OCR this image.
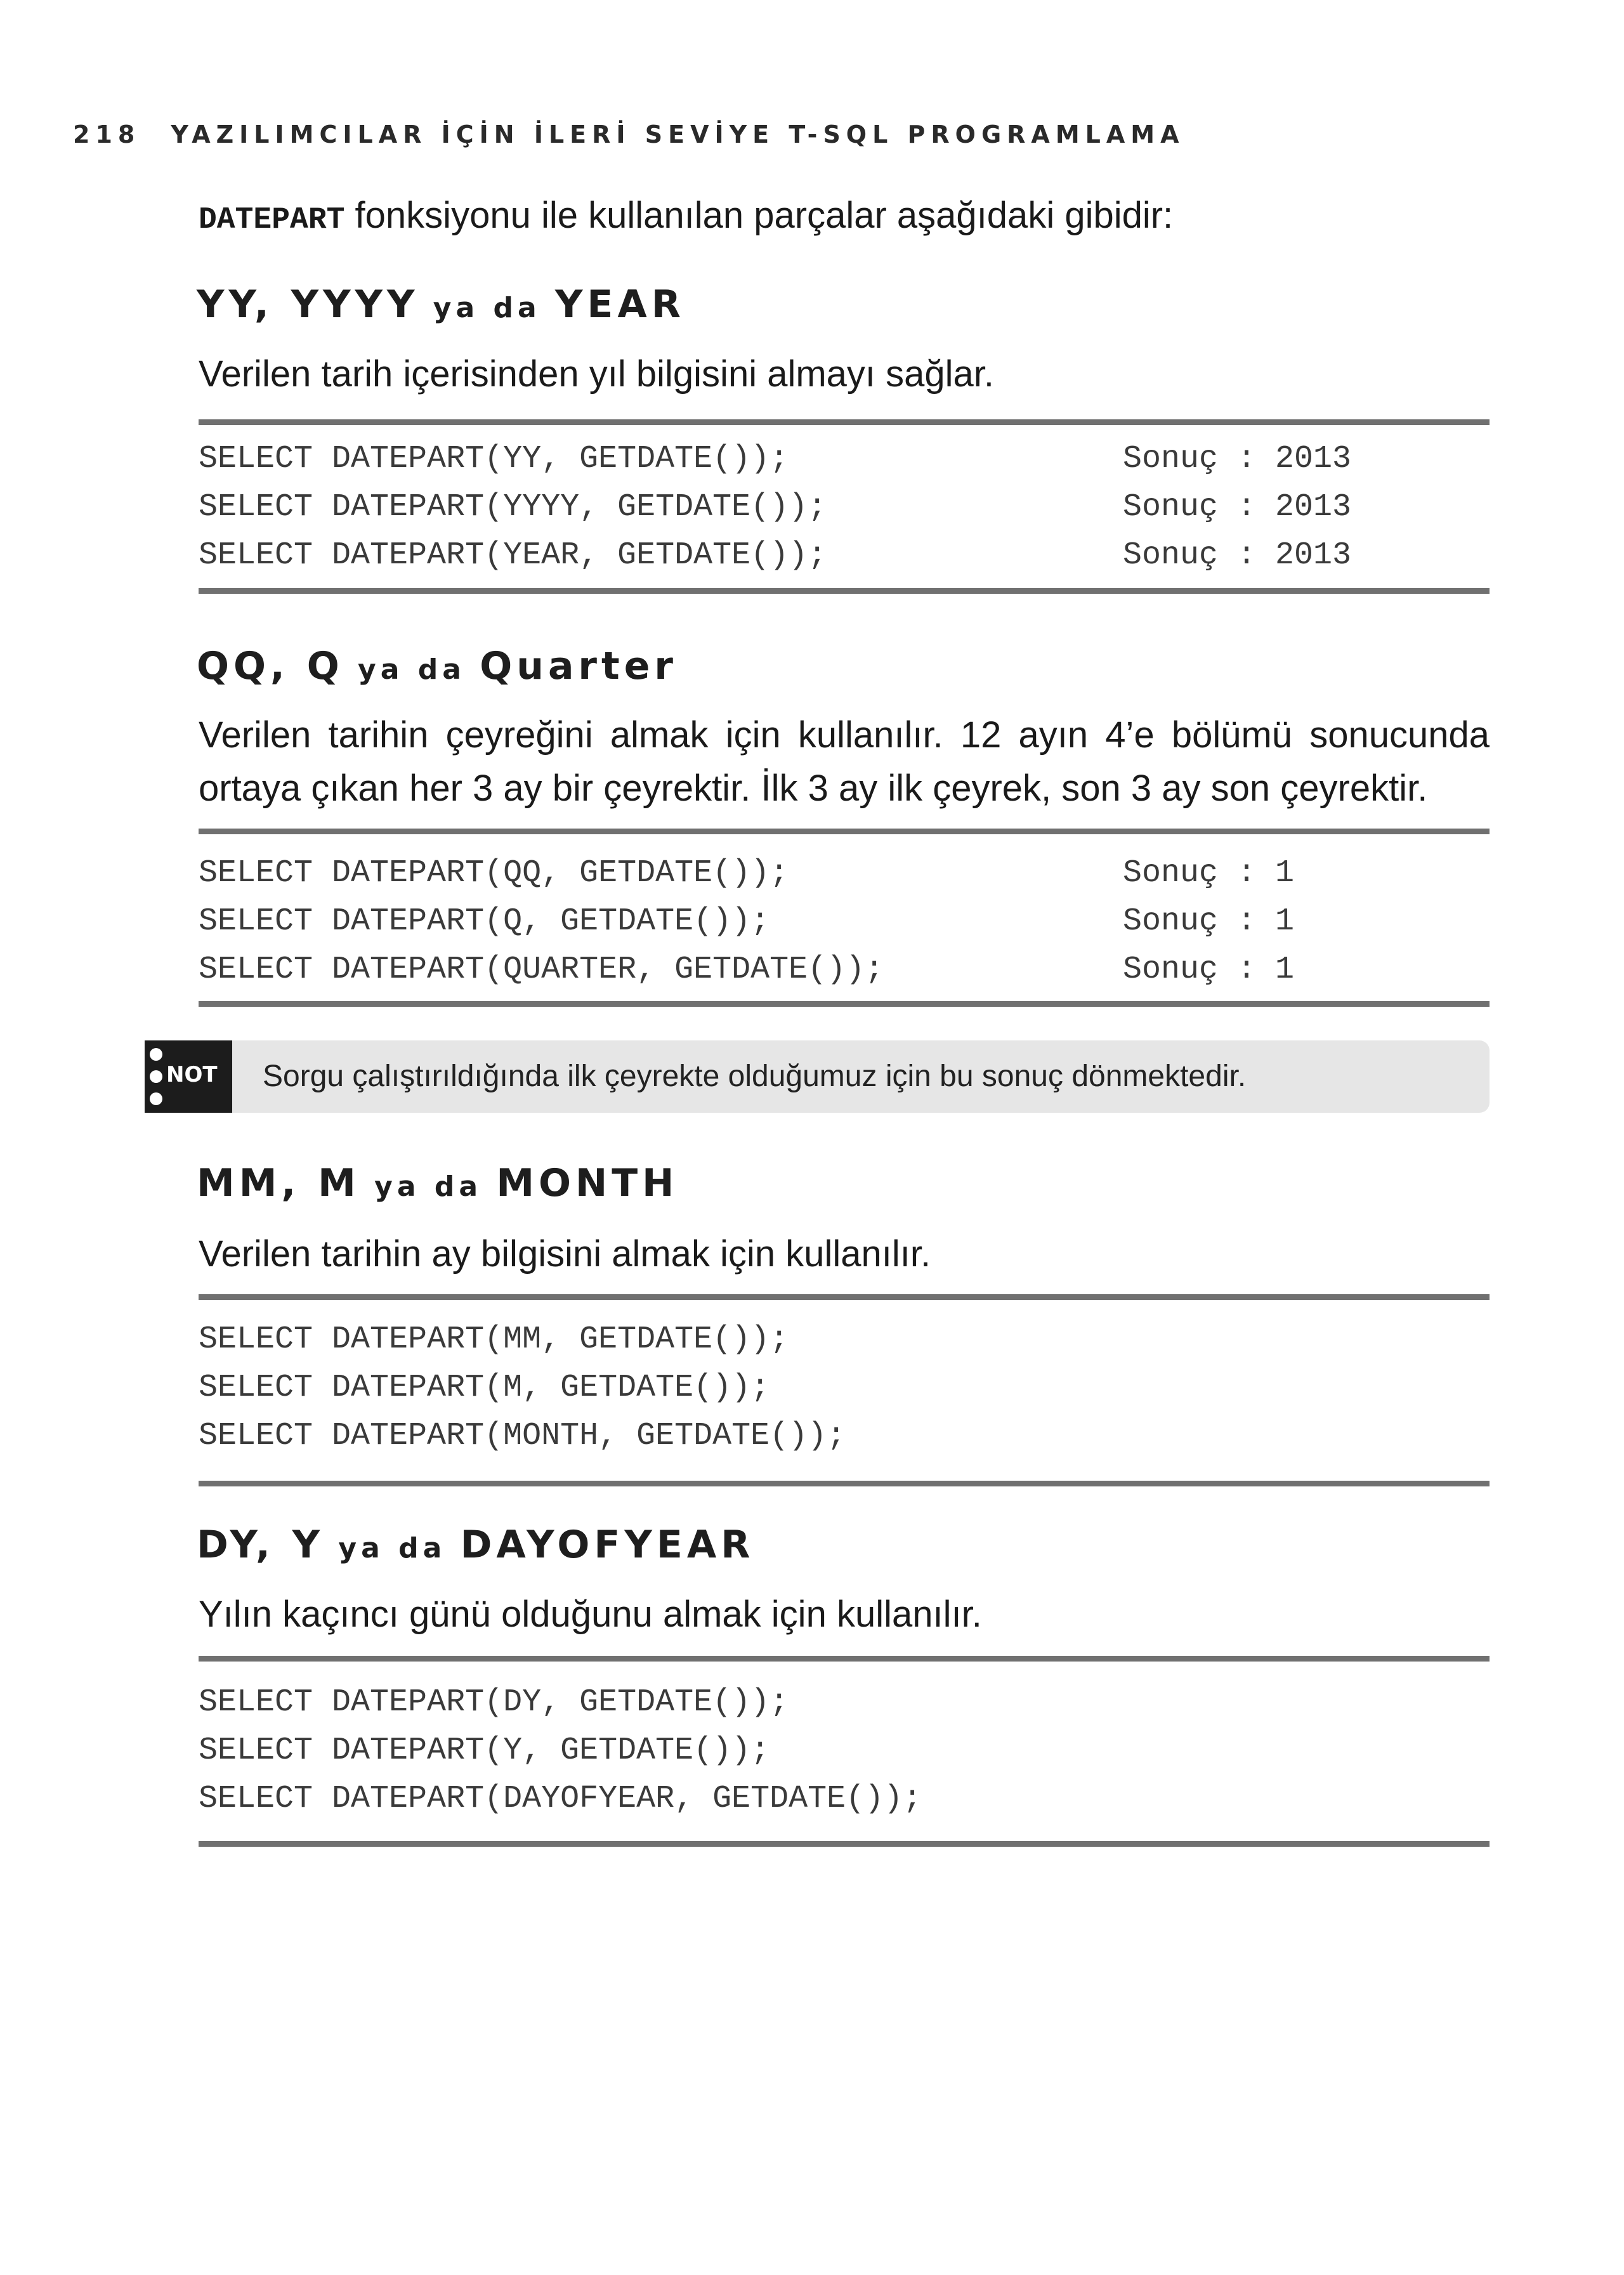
218 YAZILIMCILAR İÇİN İLERİ SEVİYE T-SQL PROGRAMLAMA
DATEPART fonksiyonu ile kullanılan parçalar aşağıdaki gibidir:
YY, YYYY ya da YEAR
Verilen tarih içerisinden yıl bilgisini almayı sağlar.
SELECT DATEPART(YY, GETDATE());	Sonuç : 2013
SELECT DATEPART(YYYY, GETDATE());	Sonuç : 2013
SELECT DATEPART(YEAR, GETDATE());	Sonuç : 2013
QQ, Q ya da Quarter
Verilen tarihin çeyreğini almak için kullanılır. 12 ayın 4’e bölümü sonucunda ortaya çıkan her 3 ay bir çeyrektir. İlk 3 ay ilk çeyrek, son 3 ay son çeyrektir.
SELECT DATEPART(QQ, GETDATE());	Sonuç : 1
SELECT DATEPART(Q, GETDATE());	Sonuç : 1
SELECT DATEPART(QUARTER, GETDATE());	Sonuç : 1
NOT Sorgu çalıştırıldığında ilk çeyrekte olduğumuz için bu sonuç dönmektedir.
MM, M ya da MONTH
Verilen tarihin ay bilgisini almak için kullanılır.
SELECT DATEPART(MM, GETDATE());
SELECT DATEPART(M, GETDATE());
SELECT DATEPART(MONTH, GETDATE());
DY, Y ya da DAYOFYEAR
Yılın kaçıncı günü olduğunu almak için kullanılır.
SELECT DATEPART(DY, GETDATE());
SELECT DATEPART(Y, GETDATE());
SELECT DATEPART(DAYOFYEAR, GETDATE());
